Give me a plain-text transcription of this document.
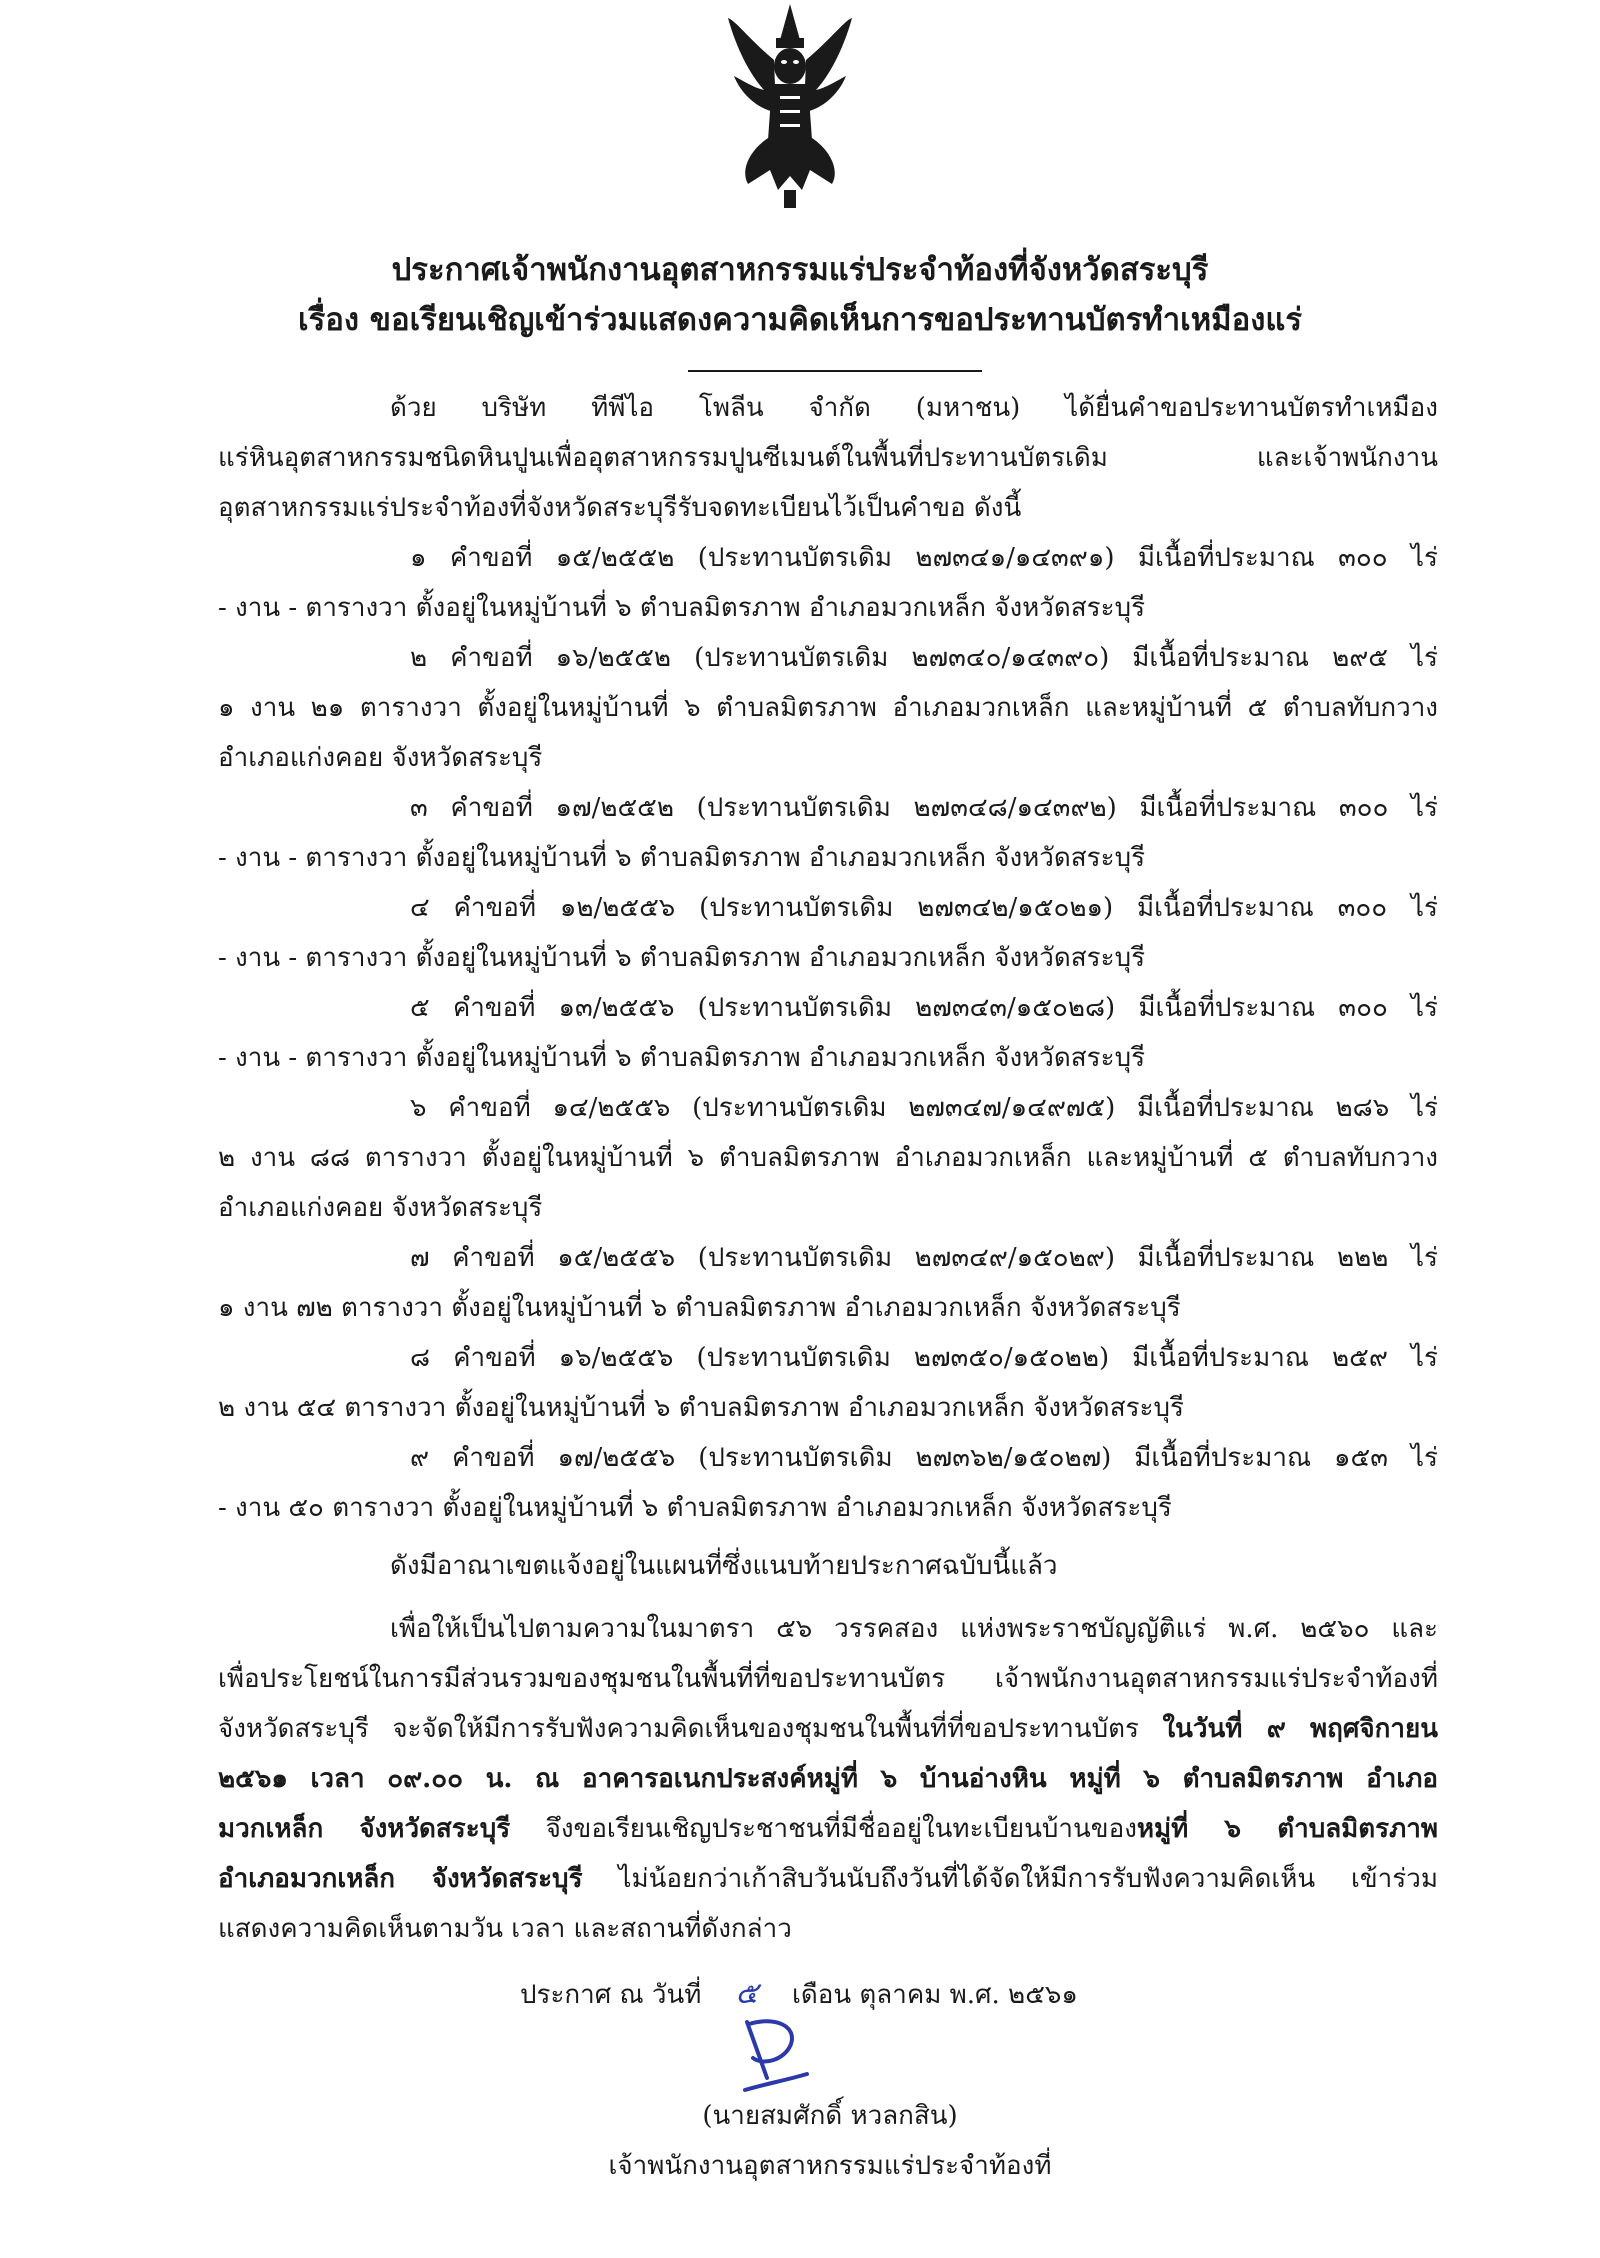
ประกาศเจ้าพนักงานอุตสาหกรรมแร่ประจำท้องที่จังหวัดสระบุรี
เรื่อง ขอเรียนเชิญเข้าร่วมแสดงความคิดเห็นการขอประทานบัตรทำเหมืองแร่
ด้วย บริษัท ทีพีไอ โพลีน จำกัด (มหาชน) ได้ยื่นคำขอประทานบัตรทำเหมือง
แร่หินอุตสาหกรรมชนิดหินปูนเพื่ออุตสาหกรรมปูนซีเมนต์ในพื้นที่ประทานบัตรเดิม และเจ้าพนักงาน
อุตสาหกรรมแร่ประจำท้องที่จังหวัดสระบุรีรับจดทะเบียนไว้เป็นคำขอ ดังนี้
๑ คำขอที่ ๑๕/๒๕๕๒ (ประทานบัตรเดิม ๒๗๓๔๑/๑๔๓๙๑) มีเนื้อที่ประมาณ ๓๐๐ ไร่
- งาน - ตารางวา ตั้งอยู่ในหมู่บ้านที่ ๖ ตำบลมิตรภาพ อำเภอมวกเหล็ก จังหวัดสระบุรี
๒ คำขอที่ ๑๖/๒๕๕๒ (ประทานบัตรเดิม ๒๗๓๔๐/๑๔๓๙๐) มีเนื้อที่ประมาณ ๒๙๕ ไร่
๑ งาน ๒๑ ตารางวา ตั้งอยู่ในหมู่บ้านที่ ๖ ตำบลมิตรภาพ อำเภอมวกเหล็ก และหมู่บ้านที่ ๕ ตำบลทับกวาง
อำเภอแก่งคอย จังหวัดสระบุรี
๓ คำขอที่ ๑๗/๒๕๕๒ (ประทานบัตรเดิม ๒๗๓๔๘/๑๔๓๙๒) มีเนื้อที่ประมาณ ๓๐๐ ไร่
- งาน - ตารางวา ตั้งอยู่ในหมู่บ้านที่ ๖ ตำบลมิตรภาพ อำเภอมวกเหล็ก จังหวัดสระบุรี
๔ คำขอที่ ๑๒/๒๕๕๖ (ประทานบัตรเดิม ๒๗๓๔๒/๑๕๐๒๑) มีเนื้อที่ประมาณ ๓๐๐ ไร่
- งาน - ตารางวา ตั้งอยู่ในหมู่บ้านที่ ๖ ตำบลมิตรภาพ อำเภอมวกเหล็ก จังหวัดสระบุรี
๕ คำขอที่ ๑๓/๒๕๕๖ (ประทานบัตรเดิม ๒๗๓๔๓/๑๕๐๒๘) มีเนื้อที่ประมาณ ๓๐๐ ไร่
- งาน - ตารางวา ตั้งอยู่ในหมู่บ้านที่ ๖ ตำบลมิตรภาพ อำเภอมวกเหล็ก จังหวัดสระบุรี
๖ คำขอที่ ๑๔/๒๕๕๖ (ประทานบัตรเดิม ๒๗๓๔๗/๑๔๙๗๕) มีเนื้อที่ประมาณ ๒๘๖ ไร่
๒ งาน ๘๘ ตารางวา ตั้งอยู่ในหมู่บ้านที่ ๖ ตำบลมิตรภาพ อำเภอมวกเหล็ก และหมู่บ้านที่ ๕ ตำบลทับกวาง
อำเภอแก่งคอย จังหวัดสระบุรี
๗ คำขอที่ ๑๕/๒๕๕๖ (ประทานบัตรเดิม ๒๗๓๔๙/๑๕๐๒๙) มีเนื้อที่ประมาณ ๒๒๒ ไร่
๑ งาน ๗๒ ตารางวา ตั้งอยู่ในหมู่บ้านที่ ๖ ตำบลมิตรภาพ อำเภอมวกเหล็ก จังหวัดสระบุรี
๘ คำขอที่ ๑๖/๒๕๕๖ (ประทานบัตรเดิม ๒๗๓๕๐/๑๕๐๒๒) มีเนื้อที่ประมาณ ๒๕๙ ไร่
๒ งาน ๕๔ ตารางวา ตั้งอยู่ในหมู่บ้านที่ ๖ ตำบลมิตรภาพ อำเภอมวกเหล็ก จังหวัดสระบุรี
๙ คำขอที่ ๑๗/๒๕๕๖ (ประทานบัตรเดิม ๒๗๓๖๒/๑๕๐๒๗) มีเนื้อที่ประมาณ ๑๕๓ ไร่
- งาน ๕๐ ตารางวา ตั้งอยู่ในหมู่บ้านที่ ๖ ตำบลมิตรภาพ อำเภอมวกเหล็ก จังหวัดสระบุรี
ดังมีอาณาเขตแจ้งอยู่ในแผนที่ซึ่งแนบท้ายประกาศฉบับนี้แล้ว
เพื่อให้เป็นไปตามความในมาตรา ๕๖ วรรคสอง แห่งพระราชบัญญัติแร่ พ.ศ. ๒๕๖๐ และ
เพื่อประโยชน์ในการมีส่วนรวมของชุมชนในพื้นที่ที่ขอประทานบัตร เจ้าพนักงานอุตสาหกรรมแร่ประจำท้องที่
จังหวัดสระบุรี จะจัดให้มีการรับฟังความคิดเห็นของชุมชนในพื้นที่ที่ขอประทานบัตร ในวันที่ ๙ พฤศจิกายน
๒๕๖๑ เวลา ๐๙.๐๐ น. ณ อาคารอเนกประสงค์หมู่ที่ ๖ บ้านอ่างหิน หมู่ที่ ๖ ตำบลมิตรภาพ อำเภอ
มวกเหล็ก จังหวัดสระบุรี จึงขอเรียนเชิญประชาชนที่มีชื่ออยู่ในทะเบียนบ้านของหมู่ที่ ๖ ตำบลมิตรภาพ
อำเภอมวกเหล็ก จังหวัดสระบุรี ไม่น้อยกว่าเก้าสิบวันนับถึงวันที่ได้จัดให้มีการรับฟังความคิดเห็น เข้าร่วม
แสดงความคิดเห็นตามวัน เวลา และสถานที่ดังกล่าว
ประกาศ ณ วันที่ ๕ เดือน ตุลาคม พ.ศ. ๒๕๖๑
(นายสมศักดิ์ หวลกสิน)
เจ้าพนักงานอุตสาหกรรมแร่ประจำท้องที่
